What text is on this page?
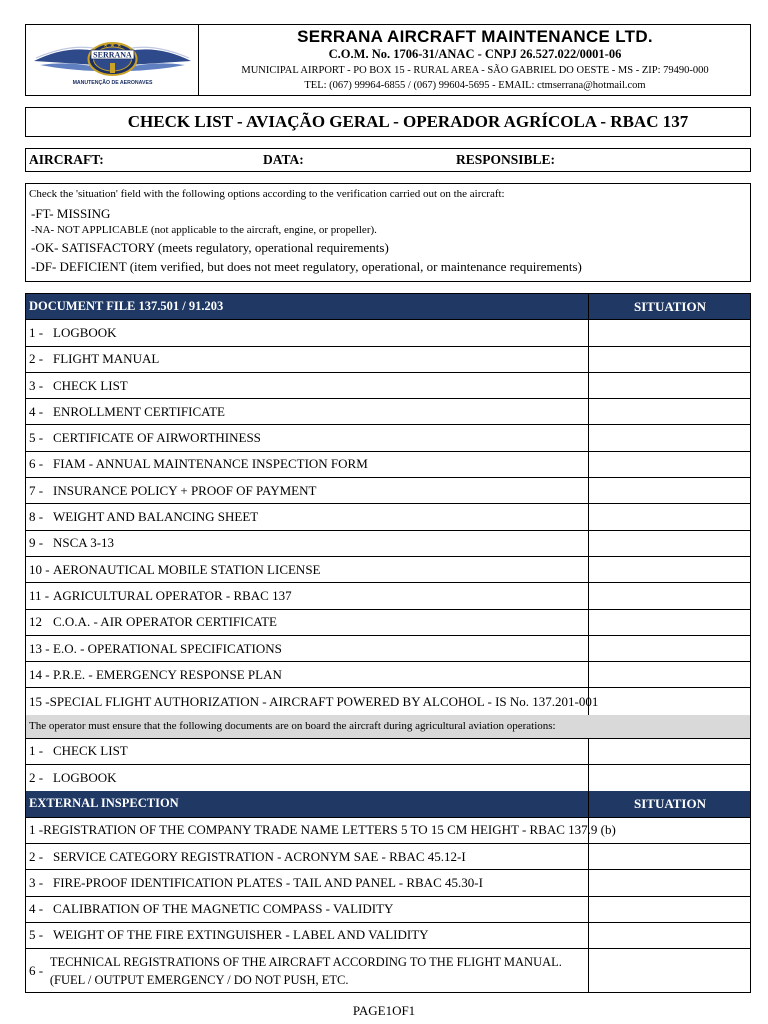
SERRANA
★ ★ ★
MANUTENÇÃO DE AERONAVES
SERRANA AIRCRAFT MAINTENANCE LTD.
C.O.M. No. 1706-31/ANAC - CNPJ 26.527.022/0001-06
MUNICIPAL AIRPORT - PO BOX 15 - RURAL AREA - SÃO GABRIEL DO OESTE - MS - ZIP: 79490-000
TEL: (067) 99964-6855 / (067) 99604-5695 - EMAIL: ctmserrana@hotmail.com
CHECK LIST - AVIAÇÃO GERAL - OPERADOR AGRÍCOLA - RBAC 137
AIRCRAFT:	DATA:	RESPONSIBLE:
Check the 'situation' field with the following options according to the verification carried out on the aircraft:
-FT- MISSING
-NA- NOT APPLICABLE (not applicable to the aircraft, engine, or propeller).
-OK- SATISFACTORY (meets regulatory, operational requirements)
-DF- DEFICIENT (item verified, but does not meet regulatory, operational, or maintenance requirements)
DOCUMENT FILE 137.501 / 91.203	SITUATION
1 - LOGBOOK
2 - FLIGHT MANUAL
3 - CHECK LIST
4 - ENROLLMENT CERTIFICATE
5 - CERTIFICATE OF AIRWORTHINESS
6 - FIAM - ANNUAL MAINTENANCE INSPECTION FORM
7 - INSURANCE POLICY + PROOF OF PAYMENT
8 - WEIGHT AND BALANCING SHEET
9 - NSCA 3-13
10 - AERONAUTICAL MOBILE STATION LICENSE
11 - AGRICULTURAL OPERATOR - RBAC 137
12 C.O.A. - AIR OPERATOR CERTIFICATE
13 - E.O. - OPERATIONAL SPECIFICATIONS
14 - P.R.E. - EMERGENCY RESPONSE PLAN
15 - SPECIAL FLIGHT AUTHORIZATION - AIRCRAFT POWERED BY ALCOHOL - IS No. 137.201-001
The operator must ensure that the following documents are on board the aircraft during agricultural aviation operations:
1 - CHECK LIST
2 - LOGBOOK
EXTERNAL INSPECTION	SITUATION
1 - REGISTRATION OF THE COMPANY TRADE NAME LETTERS 5 TO 15 CM HEIGHT - RBAC 137.9 (b)
2 - SERVICE CATEGORY REGISTRATION - ACRONYM SAE - RBAC 45.12-I
3 - FIRE-PROOF IDENTIFICATION PLATES - TAIL AND PANEL - RBAC 45.30-I
4 - CALIBRATION OF THE MAGNETIC COMPASS - VALIDITY
5 - WEIGHT OF THE FIRE EXTINGUISHER - LABEL AND VALIDITY
6 -
TECHNICAL REGISTRATIONS OF THE AIRCRAFT ACCORDING TO THE FLIGHT MANUAL. (FUEL / OUTPUT EMERGENCY / DO NOT PUSH, ETC.
PAGE1OF1
